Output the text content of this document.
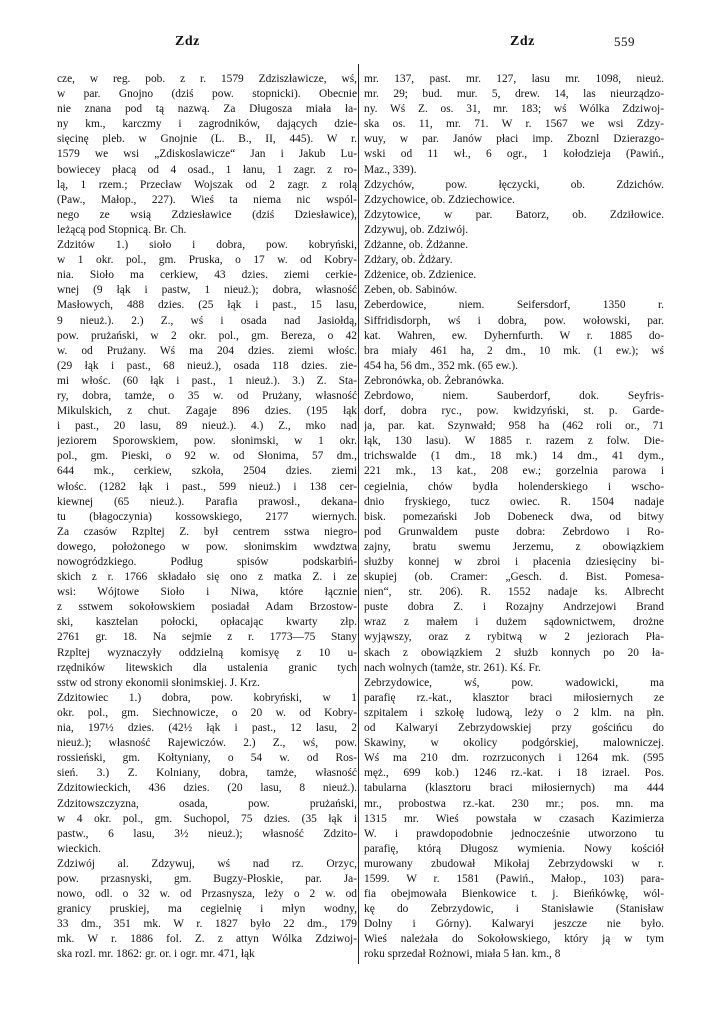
Zdz	Zdz	559
cze, w reg. pob. z r. 1579 Zdziszławicze, wś,
w par. Gnojno (dziś pow. stopnicki). Obecnie
nie znana pod tą nazwą. Za Długosza miała ła-
ny km., karczmy i zagrodników, dających dzie-
sięcinę pleb. w Gnojnie (L. B., II, 445). W r.
1579 we wsi „Zdiskoslawicze“ Jan i Jakub Lu-
bowiecey płacą od 4 osad., 1 łanu, 1 zagr. z ro-
lą, 1 rzem.; Przecław Wojszak od 2 zagr. z rolą
(Paw., Małop., 227). Wieś ta niema nic wspól-
nego ze wsią Zdziesławice (dziś Dziesławice),
leżącą pod Stopnicą. Br. Ch.
Zdzitów 1.) sioło i dobra, pow. kobryński,
w 1 okr. pol., gm. Pruska, o 17 w. od Kobry-
nia. Sioło ma cerkiew, 43 dzies. ziemi cerkie-
wnej (9 łąk i pastw, 1 nieuż.); dobra, własność
Masłowych, 488 dzies. (25 łąk i past., 15 lasu,
9 nieuż.). 2.) Z., wś i osada nad Jasiołdą,
pow. prużański, w 2 okr. pol., gm. Bereza, o 42
w. od Prużany. Wś ma 204 dzies. ziemi włośc.
(29 łąk i past., 68 nieuż.), osada 118 dzies. zie-
mi włośc. (60 łąk i past., 1 nieuż.). 3.) Z. Sta-
ry, dobra, tamże, o 35 w. od Prużany, własność
Mikulskich, z chut. Zagaje 896 dzies. (195 łąk
i past., 20 lasu, 89 nieuż.). 4.) Z., mko nad
jeziorem Sporowskiem, pow. słonimski, w 1 okr.
pol., gm. Pieski, o 92 w. od Słonima, 57 dm.,
644 mk., cerkiew, szkoła, 2504 dzies. ziemi
włośc. (1282 łąk i past., 599 nieuż.) i 138 cer-
kiewnej (65 nieuż.). Parafia prawosł., dekana-
tu (błagoczynia) kossowskiego, 2177 wiernych.
Za czasów Rzpltej Z. był centrem sstwa niegro-
dowego, położonego w pow. słonimskim wwdztwa
nowogródzkiego. Podług spisów podskarbiń-
skich z r. 1766 składało się ono z matka Z. i ze
wsi: Wójtowe Sioło i Niwa, które łącznie
z sstwem sokołowskiem posiadał Adam Brzostow-
ski, kasztelan połocki, opłacając kwarty złp.
2761 gr. 18. Na sejmie z r. 1773—75 Stany
Rzpltej wyznaczyły oddzielną komisyę z 10 u-
rzędników litewskich dla ustalenia granic tych
sstw od strony ekonomii słonimskiej. J. Krz.
Zdzitowiec 1.) dobra, pow. kobryński, w 1
okr. pol., gm. Siechnowicze, o 20 w. od Kobry-
nia, 197½ dzies. (42½ łąk i past., 12 lasu, 2
nieuż.); własność Rajewiczów. 2.) Z., wś, pow.
rossieński, gm. Kołtyniany, o 54 w. od Ros-
sień. 3.) Z. Kolniany, dobra, tamże, własność
Zdzitowieckich, 436 dzies. (20 lasu, 8 nieuż.).
Zdzitowszczyzna, osada, pow. prużański,
w 4 okr. pol., gm. Suchopol, 75 dzies. (35 łąk i
pastw., 6 lasu, 3½ nieuż.); własność Zdzito-
wieckich.
Zdziwój al. Zdzywuj, wś nad rz. Orzyc,
pow. przasnyski, gm. Bugzy-Płoskie, par. Ja-
nowo, odl. o 32 w. od Przasnysza, leży o 2 w. od
granicy pruskiej, ma cegielnię i młyn wodny,
33 dm., 351 mk. W r. 1827 było 22 dm., 179
mk. W r. 1886 fol. Z. z attyn Wólka Zdziwoj-
ska rozl. mr. 1862: gr. or. i ogr. mr. 471, łąk
mr. 137, past. mr. 127, lasu mr. 1098, nieuż.
mr. 29; bud. mur. 5, drew. 14, las nieurządzo-
ny. Wś Z. os. 31, mr. 183; wś Wólka Zdziwoj-
ska os. 11, mr. 71. W r. 1567 we wsi Zdzy-
wuy, w par. Janów płaci imp. Zboznl Dzierazgo-
wski od 11 wł., 6 ogr., 1 kołodzieja (Pawiń.,
Maz., 339).
Zdzychów, pow. łęczycki, ob. Zdzichów.
Zdzychowice, ob. Zdziechowice.
Zdzytowice, w par. Batorz, ob. Zdziłowice.
Zdzywuj, ob. Zdziwój.
Zdżanne, ob. Żdżanne.
Zdżary, ob. Żdżary.
Zdżenice, ob. Zdzienice.
Zeben, ob. Sabinów.
Zeberdowice, niem. Seifersdorf, 1350 r.
Siffridisdorph, wś i dobra, pow. wołowski, par.
kat. Wahren, ew. Dyhernfurth. W r. 1885 do-
bra miały 461 ha, 2 dm., 10 mk. (1 ew.); wś
454 ha, 56 dm., 352 mk. (65 ew.).
Zebronówka, ob. Żebranówka.
Zebrdowo, niem. Sauberdorf, dok. Seyfris-
dorf, dobra ryc., pow. kwidzyński, st. p. Garde-
ja, par. kat. Szynwałd; 958 ha (462 roli or., 71
łąk, 130 lasu). W 1885 r. razem z folw. Die-
trichswalde (1 dm., 18 mk.) 14 dm., 41 dym.,
221 mk., 13 kat., 208 ew.; gorzelnia parowa i
cegielnia, chów bydła holenderskiego i wscho-
dnio fryskiego, tucz owiec. R. 1504 nadaje
bisk. pomezański Job Dobeneck dwa, od bitwy
pod Grunwaldem puste dobra: Zebrdowo i Ro-
zajny, bratu swemu Jerzemu, z obowiązkiem
służby konnej w zbroi i płacenia dziesięciny bi-
skupiej (ob. Cramer: „Gesch. d. Bist. Pomesa-
nien“, str. 206). R. 1552 nadaje ks. Albrecht
puste dobra Z. i Rozajny Andrzejowi Brand
wraz z małem i dużem sądownictwem, drożne
wyjąwszy, oraz z rybitwą w 2 jeziorach Pła-
skach z obowiązkiem 2 służb konnych po 20 ła-
nach wolnych (tamże, str. 261). Kś. Fr.
Zebrzydowice, wś, pow. wadowicki, ma
parafię rz.-kat., klasztor braci miłosiernych ze
szpitalem i szkołę ludową, leży o 2 klm. na płn.
od Kalwaryi Zebrzydowskiej przy gościńcu do
Skawiny, w okolicy podgórskiej, malowniczej.
Wś ma 210 dm. rozrzuconych i 1264 mk. (595
męż., 699 kob.) 1246 rz.-kat. i 18 izrael. Pos.
tabularna (klasztoru braci miłosiernych) ma 444
mr., probostwa rz.-kat. 230 mr.; pos. mn. ma
1315 mr. Wieś powstała w czasach Kazimierza
W. i prawdopodobnie jednocześnie utworzono tu
parafię, którą Długosz wymienia. Nowy kościół
murowany zbudował Mikołaj Zebrzydowski w r.
1599. W r. 1581 (Pawiń., Małop., 103) para-
fia obejmowała Bienkowice t. j. Bieńkówkę, wól-
kę do Zebrzydowic, i Stanisławie (Stanisław
Dolny i Górny). Kalwaryi jeszcze nie było.
Wieś należała do Sokołowskiego, który ją w tym
roku sprzedał Rożnowi, miała 5 łan. km., 8
